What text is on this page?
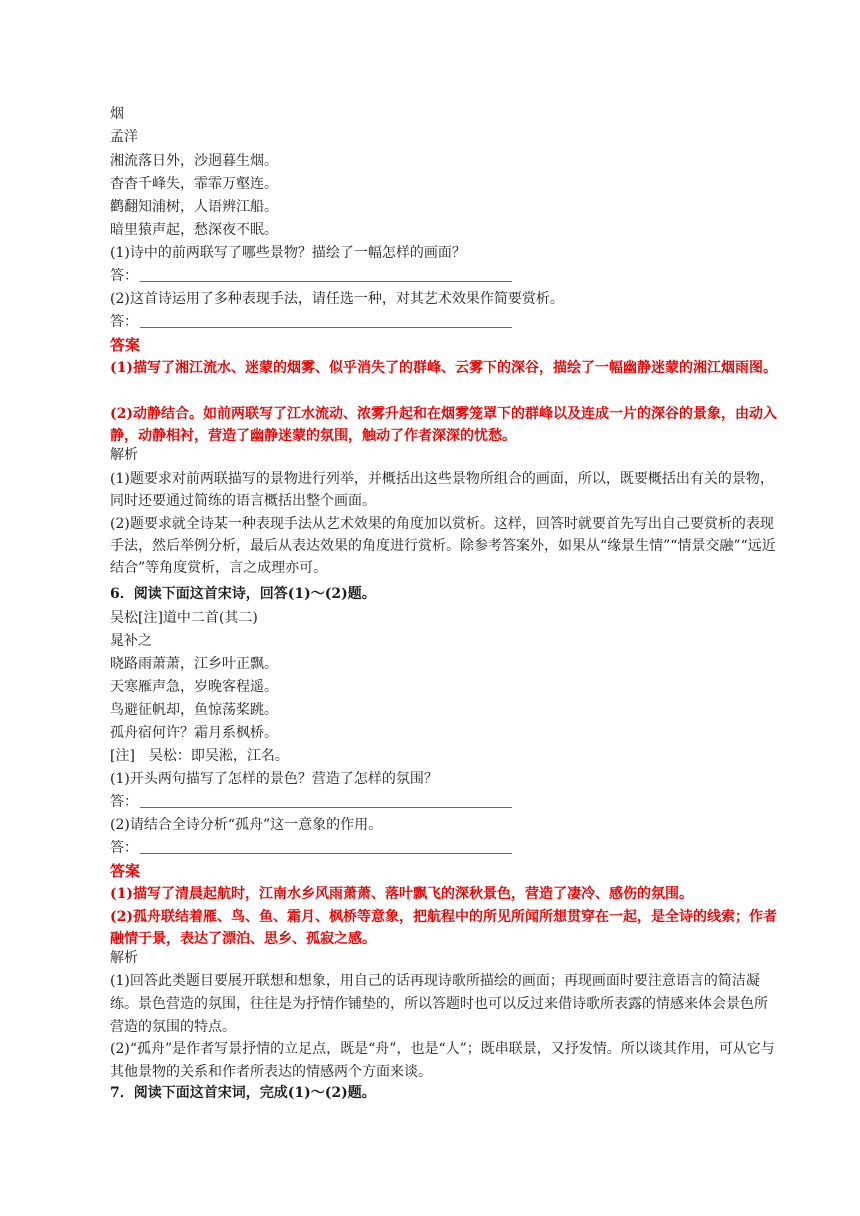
烟
孟洋
湘流落日外，沙迥暮生烟。
杳杳千峰失，霏霏万壑连。
鹳翻知浦树，人语辨江船。
暗里猿声起，愁深夜不眠。
(1)诗中的前两联写了哪些景物？描绘了一幅怎样的画面？
答：
(2)这首诗运用了多种表现手法，请任选一种，对其艺术效果作简要赏析。
答：
答案
(1)描写了湘江流水、迷蒙的烟雾、似乎消失了的群峰、云雾下的深谷，描绘了一幅幽静迷蒙的湘江烟雨图。
(2)动静结合。如前两联写了江水流动、浓雾升起和在烟雾笼罩下的群峰以及连成一片的深谷的景象，由动入静，动静相衬，营造了幽静迷蒙的氛围，触动了作者深深的忧愁。
解析
(1)题要求对前两联描写的景物进行列举，并概括出这些景物所组合的画面，所以，既要概括出有关的景物，同时还要通过简练的语言概括出整个画面。
(2)题要求就全诗某一种表现手法从艺术效果的角度加以赏析。这样，回答时就要首先写出自己要赏析的表现手法，然后举例分析，最后从表达效果的角度进行赏析。除参考答案外，如果从“缘景生情”“情景交融”“远近结合”等角度赏析，言之成理亦可。
6．阅读下面这首宋诗，回答(1)～(2)题。
吴松[注]道中二首(其二)
晁补之
晓路雨萧萧，江乡叶正飘。
天寒雁声急，岁晚客程遥。
鸟避征帆却，鱼惊荡桨跳。
孤舟宿何许？霜月系枫桥。
[注]　吴松：即吴淞，江名。
(1)开头两句描写了怎样的景色？营造了怎样的氛围？
答：
(2)请结合全诗分析“孤舟”这一意象的作用。
答：
答案
(1)描写了清晨起航时，江南水乡风雨萧萧、落叶飘飞的深秋景色，营造了凄冷、感伤的氛围。
(2)孤舟联结着雁、鸟、鱼、霜月、枫桥等意象，把航程中的所见所闻所想贯穿在一起，是全诗的线索；作者融情于景，表达了漂泊、思乡、孤寂之感。
解析
(1)回答此类题目要展开联想和想象，用自己的话再现诗歌所描绘的画面；再现画面时要注意语言的简洁凝练。景色营造的氛围，往往是为抒情作铺垫的，所以答题时也可以反过来借诗歌所表露的情感来体会景色所营造的氛围的特点。
(2)“孤舟”是作者写景抒情的立足点，既是“舟”，也是“人”；既串联景，又抒发情。所以谈其作用，可从它与其他景物的关系和作者所表达的情感两个方面来谈。
7．阅读下面这首宋词，完成(1)～(2)题。
